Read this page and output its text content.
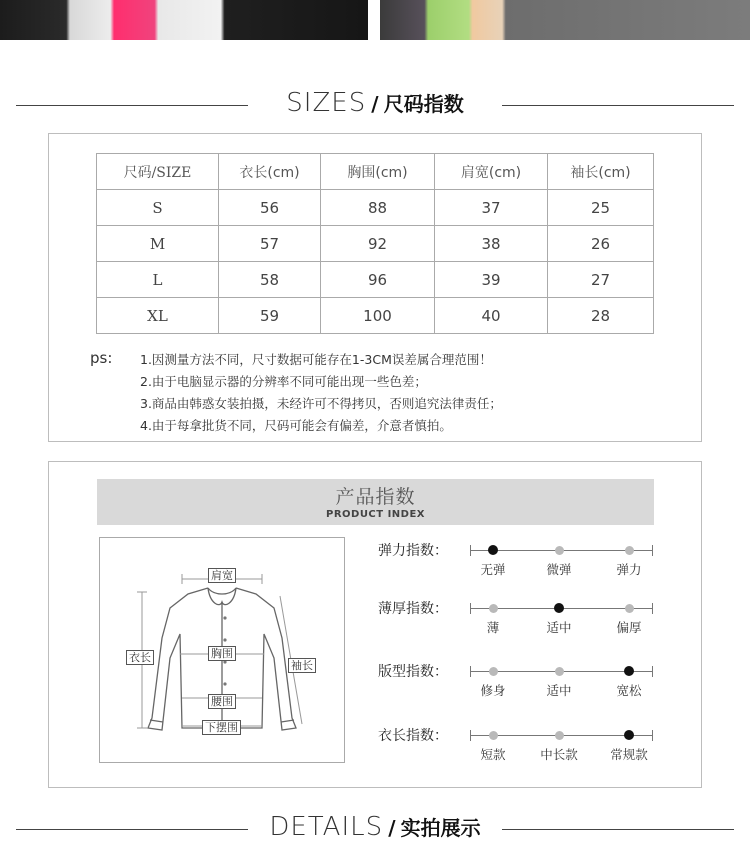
SIZES / 尺码指数
尺码/SIZE	衣长(cm)	胸围(cm)	肩宽(cm)	袖长(cm)
S	56	88	37	25
M	57	92	38	26
L	58	96	39	27
XL	59	100	40	28
ps: 1.因测量方法不同，尺寸数据可能存在1-3CM误差属合理范围！
2.由于电脑显示器的分辨率不同可能出现一些色差；
3.商品由韩惑女装拍摄，未经许可不得拷贝，否则追究法律责任；
4.由于每拿批货不同，尺码可能会有偏差，介意者慎拍。
产品指数
PRODUCT INDEX
肩宽
衣长	胸围
袖长
腰围
下摆围
弹力指数：
无弹	微弹	弹力
薄厚指数：
薄	适中	偏厚
版型指数：
修身	适中	宽松
衣长指数：
短款	中长款	常规款
DETAILS / 实拍展示
